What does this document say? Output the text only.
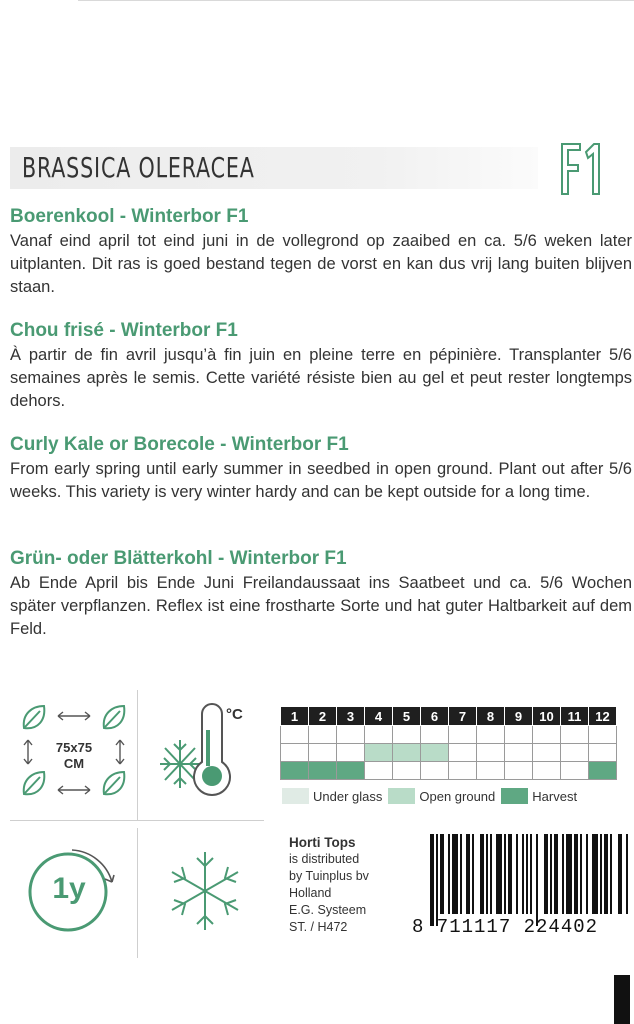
BRASSICA OLERACEA
Boerenkool - Winterbor F1

Vanaf eind april tot eind juni in de vollegrond op zaaibed en ca. 5/6 weken later uitplanten. Dit ras is goed bestand tegen de vorst en kan dus vrij lang buiten blijven staan.

Chou frisé - Winterbor F1

À partir de fin avril jusqu’à fin juin en pleine terre en pépinière. Transplanter 5/6 semaines après le semis. Cette variété résiste bien au gel et peut rester longtemps dehors.

Curly Kale or Borecole - Winterbor F1

From early spring until early summer in seedbed in open ground. Plant out after 5/6 weeks. This variety is very winter hardy and can be kept outside for a long time.

Grün- oder Blätterkohl - Winterbor F1

Ab Ende April bis Ende Juni Freilandaussaat ins Saatbeet und ca. 5/6 Wochen später verpflanzen. Reflex ist eine frostharte Sorte und hat guter Haltbarkeit auf dem Feld.

75x75
CM
°C
1y
1	2	3	4	5	6	7	8	9	10	11	12

Under glass	Open ground	Harvest
Horti Tops
is distributed
by Tuinplus bv
Holland
E.G. Systeem
ST. / H472	8 711117 224402
